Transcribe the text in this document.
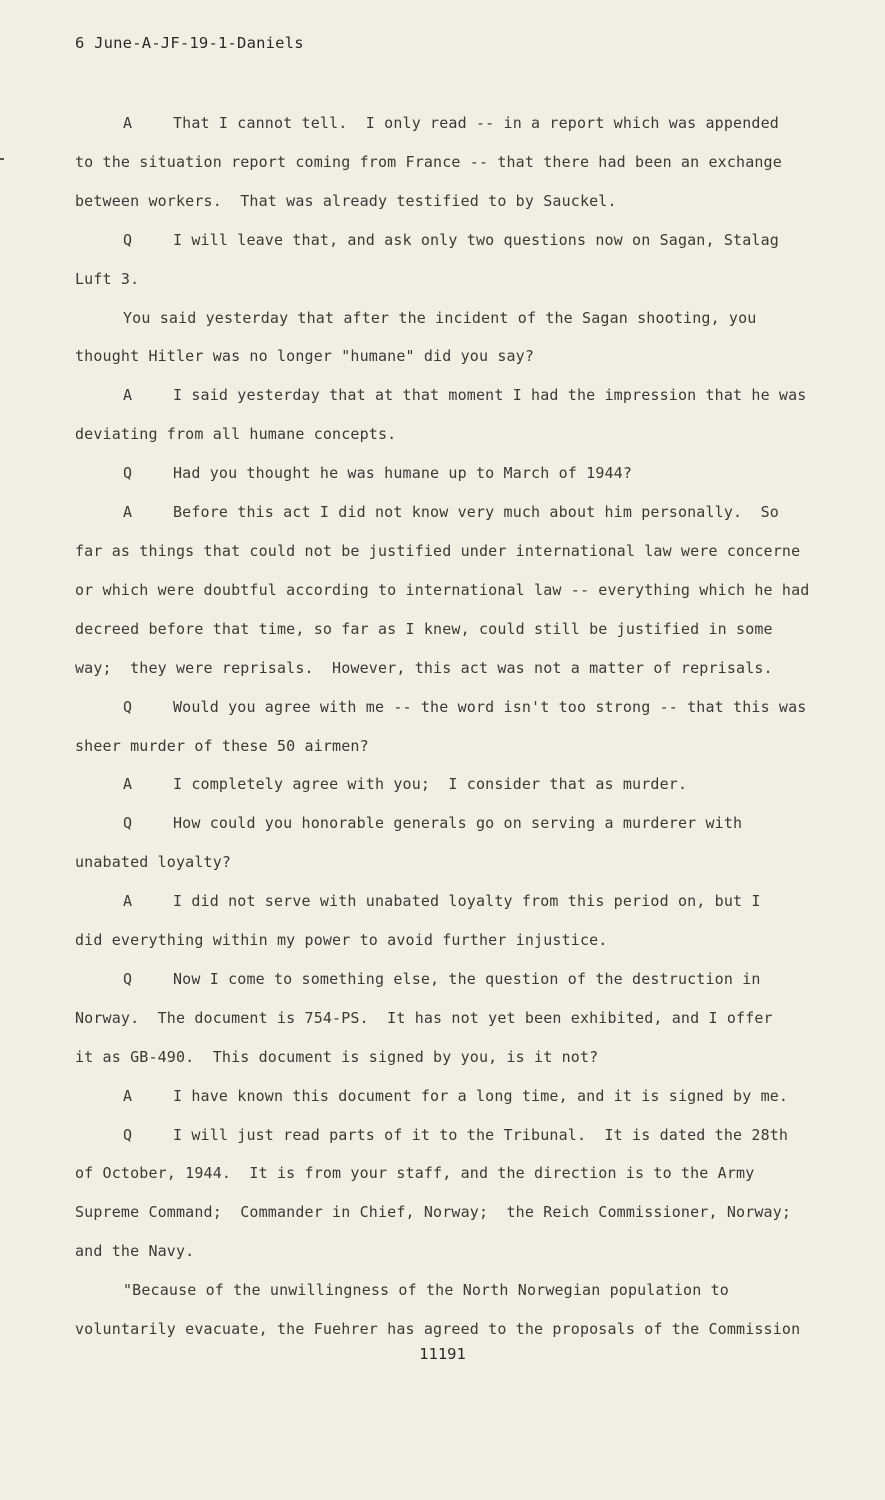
6 June-A-JF-19-1-Daniels
A	That I cannot tell.  I only read -- in a report which was appended
to the situation report coming from France -- that there had been an exchange
between workers.  That was already testified to by Sauckel.
Q	I will leave that, and ask only two questions now on Sagan, Stalag
Luft 3.
You said yesterday that after the incident of the Sagan shooting, you
thought Hitler was no longer "humane" did you say?
A	I said yesterday that at that moment I had the impression that he was
deviating from all humane concepts.
Q	Had you thought he was humane up to March of 1944?
A	Before this act I did not know very much about him personally.  So
far as things that could not be justified under international law were concerne
or which were doubtful according to international law -- everything which he had
decreed before that time, so far as I knew, could still be justified in some
way;  they were reprisals.  However, this act was not a matter of reprisals.
Q	Would you agree with me -- the word isn't too strong -- that this was
sheer murder of these 50 airmen?
A	I completely agree with you;  I consider that as murder.
Q	How could you honorable generals go on serving a murderer with
unabated loyalty?
A	I did not serve with unabated loyalty from this period on, but I
did everything within my power to avoid further injustice.
Q	Now I come to something else, the question of the destruction in
Norway.  The document is 754-PS.  It has not yet been exhibited, and I offer
it as GB-490.  This document is signed by you, is it not?
A	I have known this document for a long time, and it is signed by me.
Q	I will just read parts of it to the Tribunal.  It is dated the 28th
of October, 1944.  It is from your staff, and the direction is to the Army
Supreme Command;  Commander in Chief, Norway;  the Reich Commissioner, Norway;
and the Navy.
"Because of the unwillingness of the North Norwegian population to
voluntarily evacuate, the Fuehrer has agreed to the proposals of the Commission
11191
